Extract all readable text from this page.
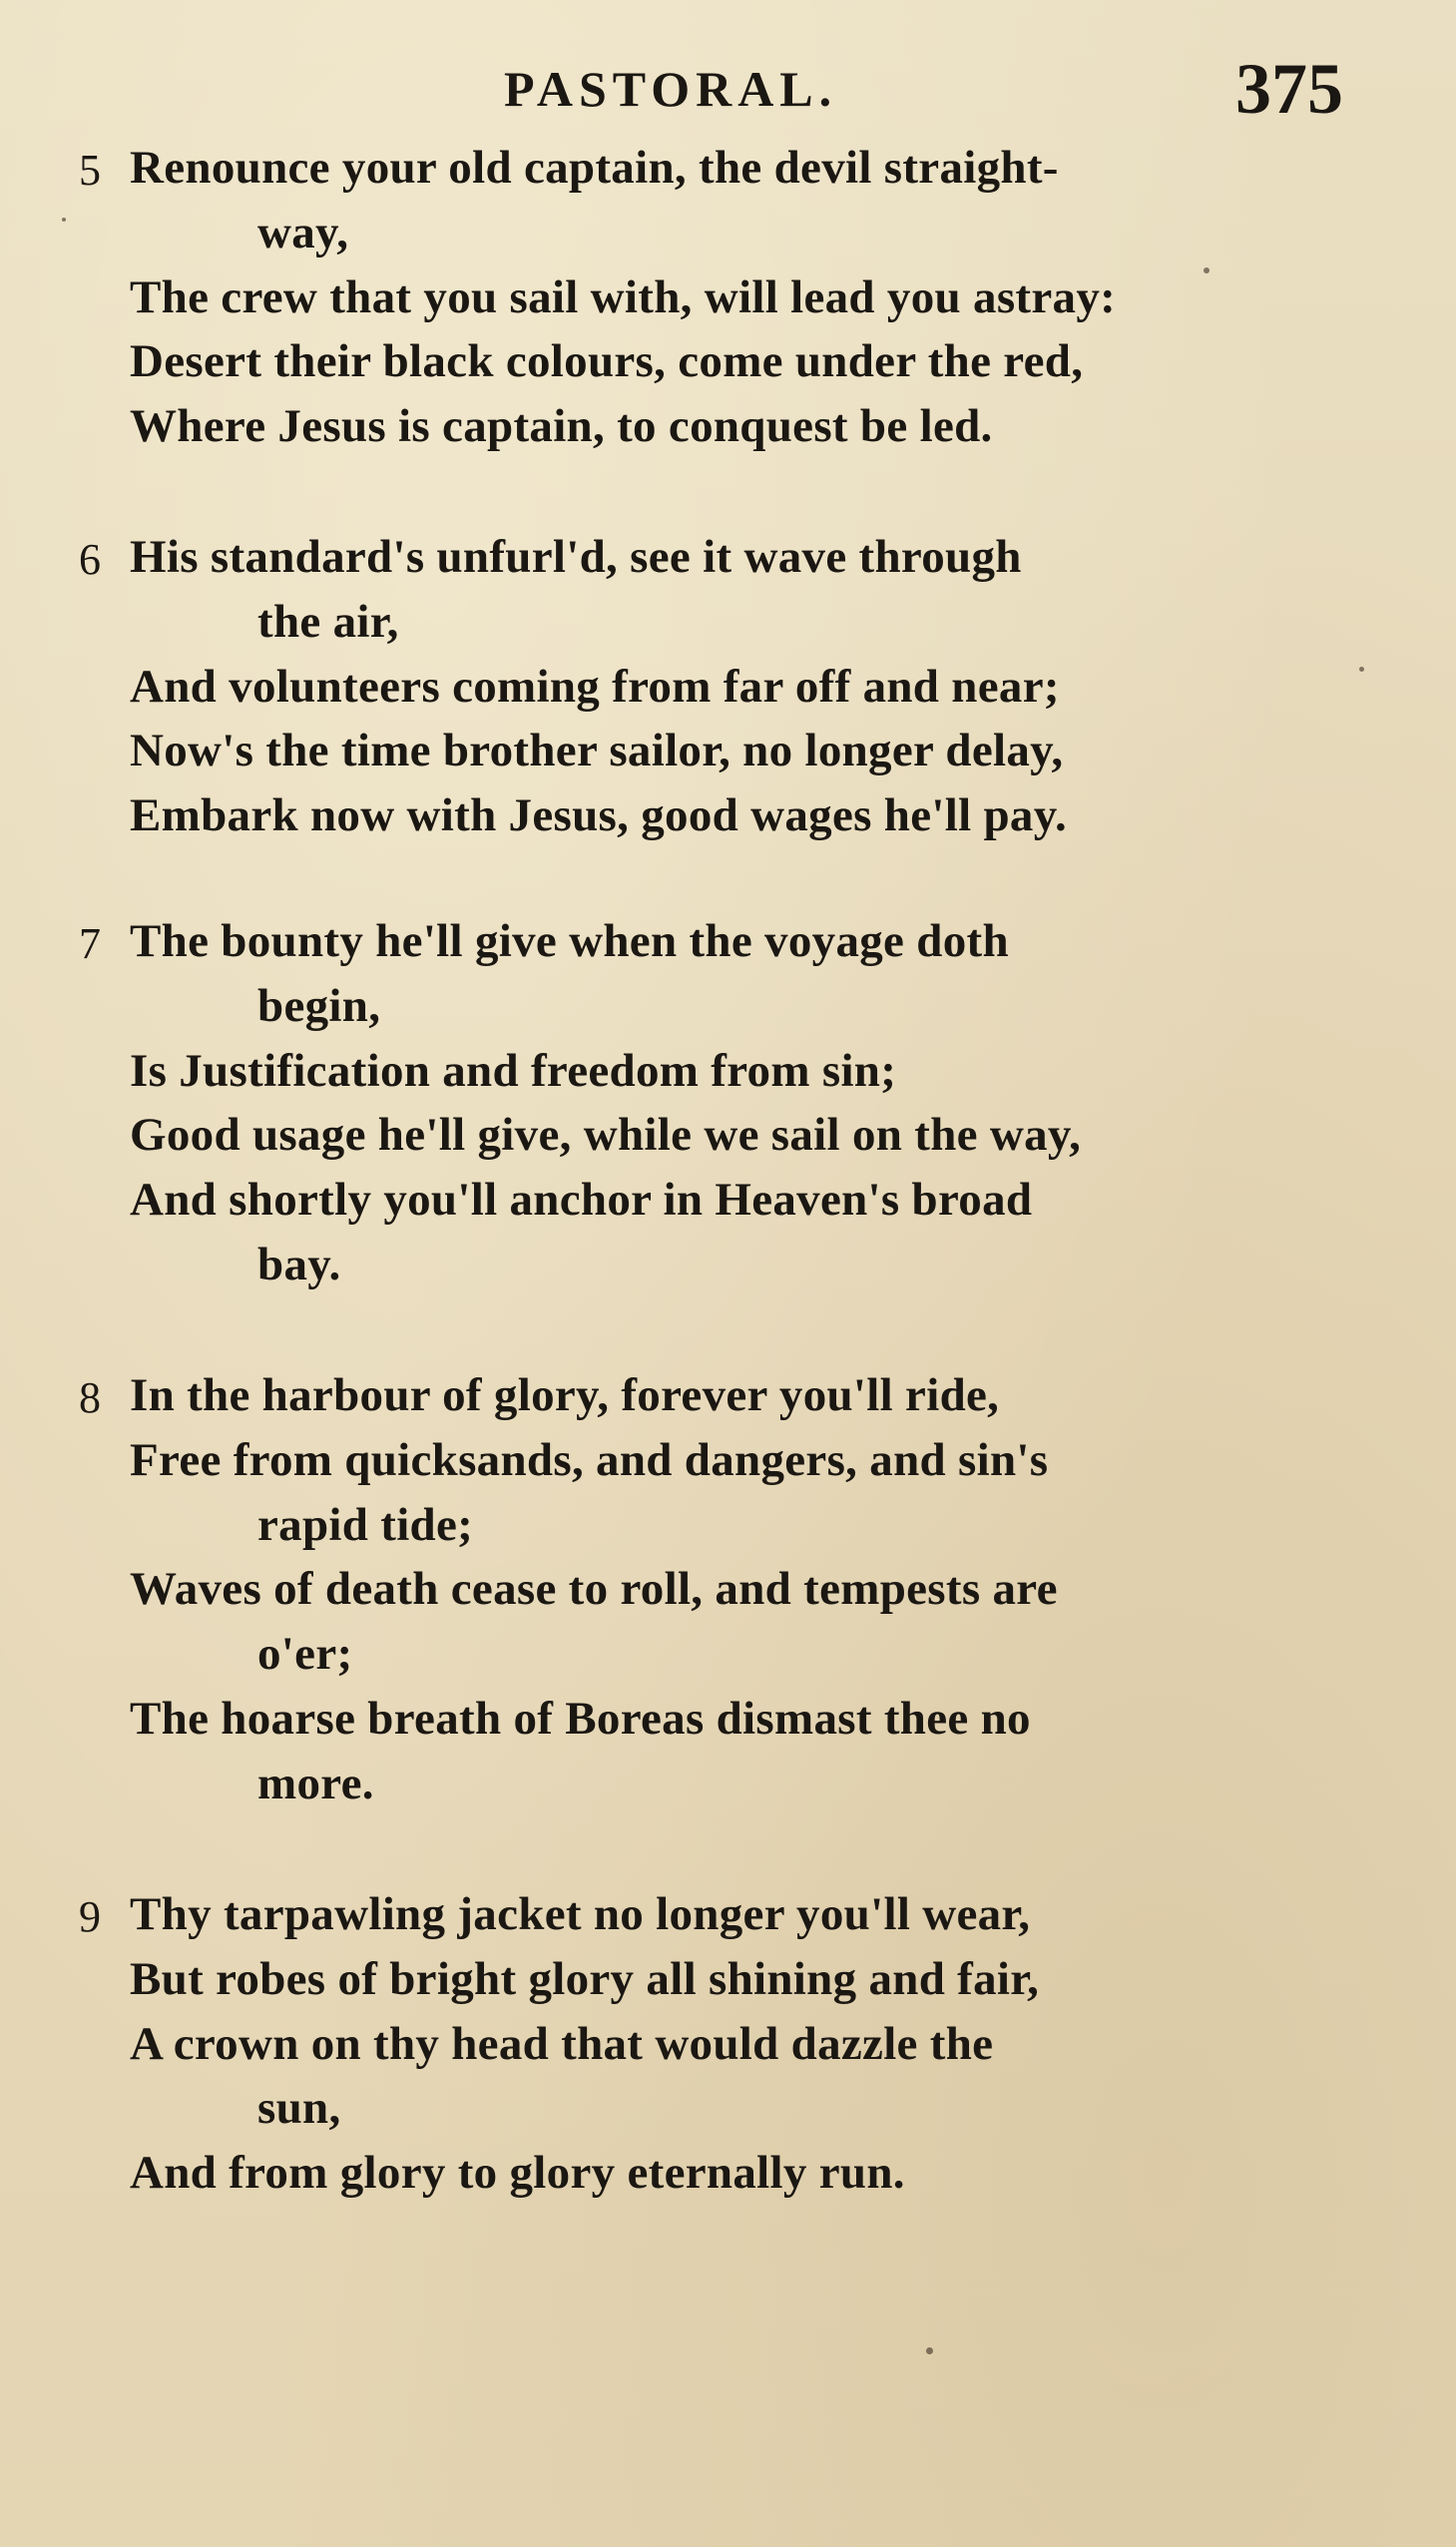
PASTORAL.	375
5 Renounce your old captain, the devil straight-
way,
The crew that you sail with, will lead you astray:
Desert their black colours, come under the red,
Where Jesus is captain, to conquest be led.
6 His standard's unfurl'd, see it wave through
the air,
And volunteers coming from far off and near;
Now's the time brother sailor, no longer delay,
Embark now with Jesus, good wages he'll pay.
7 The bounty he'll give when the voyage doth
begin,
Is Justification and freedom from sin;
Good usage he'll give, while we sail on the way,
And shortly you'll anchor in Heaven's broad
bay.
8 In the harbour of glory, forever you'll ride,
Free from quicksands, and dangers, and sin's
rapid tide;
Waves of death cease to roll, and tempests are
o'er;
The hoarse breath of Boreas dismast thee no
more.
9 Thy tarpawling jacket no longer you'll wear,
But robes of bright glory all shining and fair,
A crown on thy head that would dazzle the
sun,
And from glory to glory eternally run.
